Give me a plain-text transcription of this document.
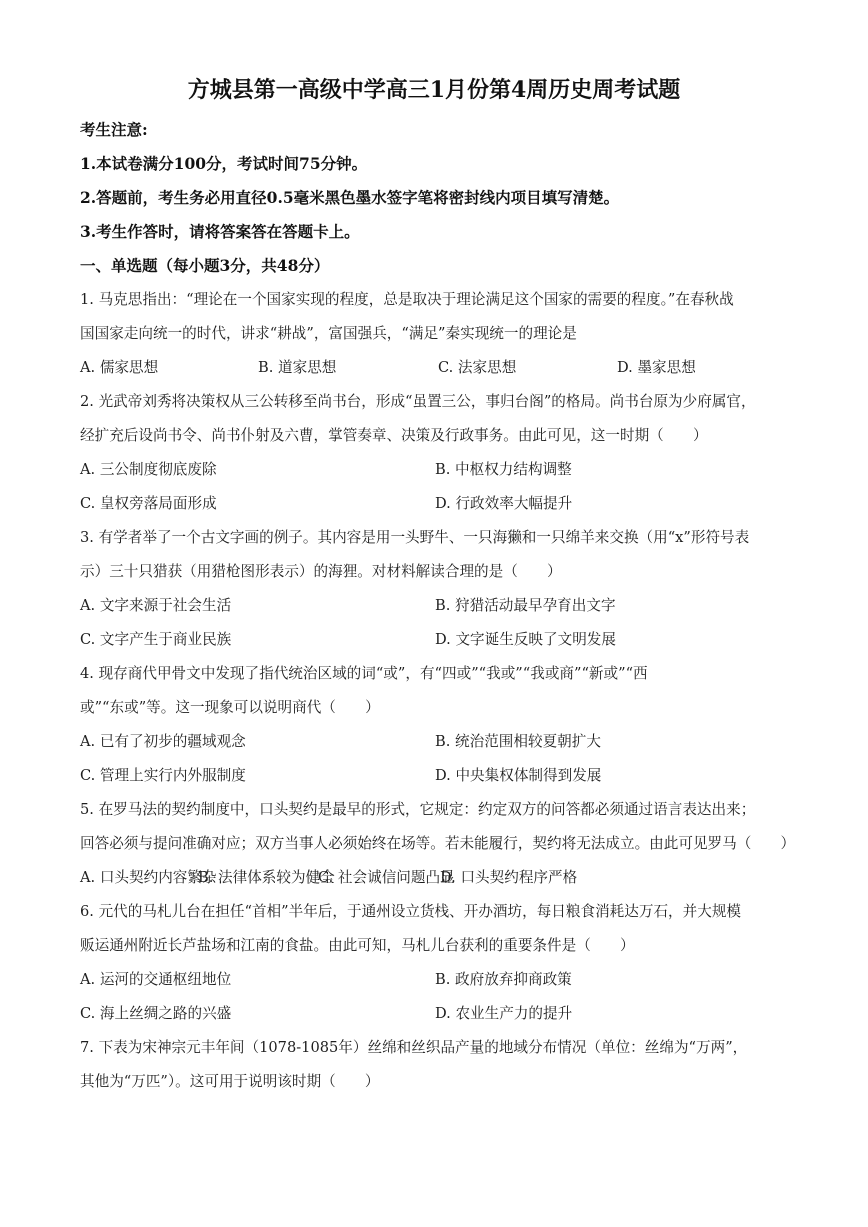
方城县第一高级中学高三1月份第4周历史周考试题
考生注意:
1.本试卷满分100分，考试时间75分钟。
2.答题前，考生务必用直径0.5毫米黑色墨水签字笔将密封线内项目填写清楚。
3.考生作答时，请将答案答在答题卡上。
一、单选题（每小题3分，共48分）
1. 马克思指出：“理论在一个国家实现的程度，总是取决于理论满足这个国家的需要的程度。”在春秋战
国国家走向统一的时代，讲求“耕战”，富国强兵，“满足”秦实现统一的理论是
A. 儒家思想	B. 道家思想	C. 法家思想	D. 墨家思想
2. 光武帝刘秀将决策权从三公转移至尚书台，形成“虽置三公，事归台阁”的格局。尚书台原为少府属官，
经扩充后设尚书令、尚书仆射及六曹，掌管奏章、决策及行政事务。由此可见，这一时期（　　）
A. 三公制度彻底废除	B. 中枢权力结构调整
C. 皇权旁落局面形成	D. 行政效率大幅提升
3. 有学者举了一个古文字画的例子。其内容是用一头野牛、一只海獭和一只绵羊来交换（用“x”形符号表
示）三十只猎获（用猎枪图形表示）的海狸。对材料解读合理的是（　　）
A. 文字来源于社会生活	B. 狩猎活动最早孕育出文字
C. 文字产生于商业民族	D. 文字诞生反映了文明发展
4. 现存商代甲骨文中发现了指代统治区域的词“或”，有“四或”“我或”“我或商”“新或”“西
或”“东或”等。这一现象可以说明商代（　　）
A. 已有了初步的疆域观念	B. 统治范围相较夏朝扩大
C. 管理上实行内外服制度	D. 中央集权体制得到发展
5. 在罗马法的契约制度中，口头契约是最早的形式，它规定：约定双方的问答都必须通过语言表达出来；
回答必须与提问准确对应；双方当事人必须始终在场等。若未能履行，契约将无法成立。由此可见罗马（　　）
A. 口头契约内容繁杂
B. 法律体系较为健全
C. 社会诚信问题凸显
D. 口头契约程序严格
6. 元代的马札儿台在担任“首相”半年后，于通州设立货栈、开办酒坊，每日粮食消耗达万石，并大规模
贩运通州附近长芦盐场和江南的食盐。由此可知，马札儿台获利的重要条件是（　　）
A. 运河的交通枢纽地位	B. 政府放弃抑商政策
C. 海上丝绸之路的兴盛	D. 农业生产力的提升
7. 下表为宋神宗元丰年间（1078-1085年）丝绵和丝织品产量的地域分布情况（单位：丝绵为“万两”，
其他为“万匹”）。这可用于说明该时期（　　）
